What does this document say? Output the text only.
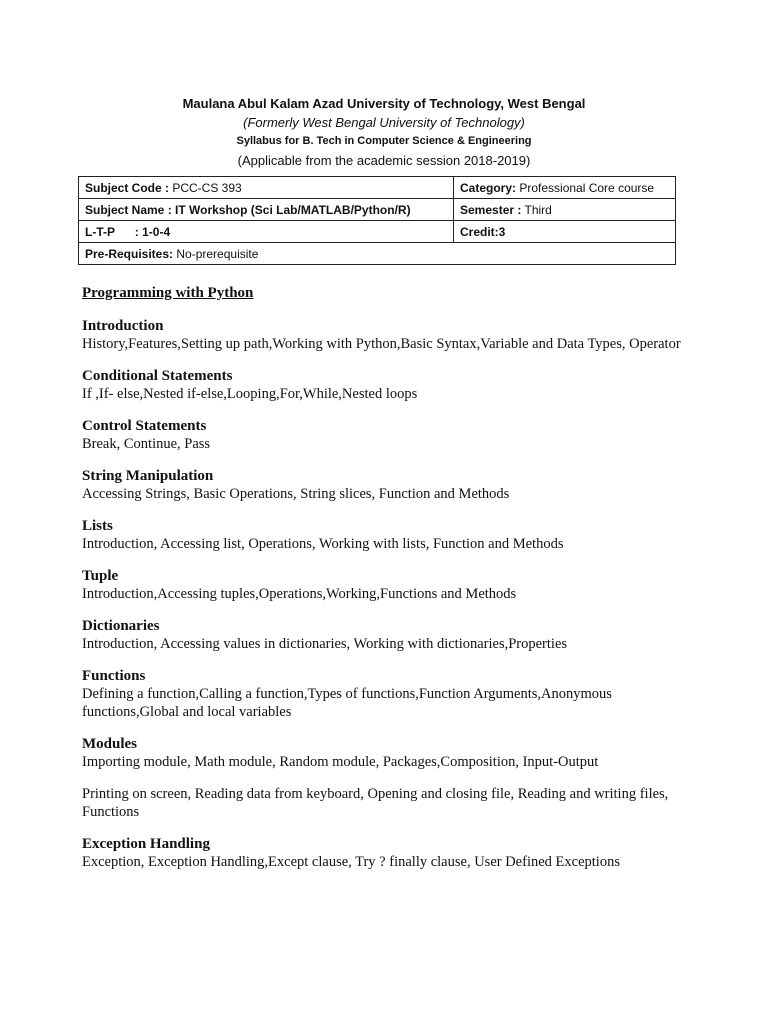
Maulana Abul Kalam Azad University of Technology, West Bengal
(Formerly West Bengal University of Technology)
Syllabus for B. Tech in Computer Science & Engineering
(Applicable from the academic session 2018-2019)
Subject Code : PCC-CS 393	Category: Professional Core course
Subject Name : IT Workshop (Sci Lab/MATLAB/Python/R)	Semester : Third
L-T-P      : 1-0-4	Credit:3
Pre-Requisites: No-prerequisite	
Programming with Python
Introduction
History,Features,Setting up path,Working with Python,Basic Syntax,Variable and Data Types, Operator
Conditional Statements
If ,If- else,Nested if-else,Looping,For,While,Nested loops
Control Statements
Break, Continue, Pass
String Manipulation
Accessing Strings, Basic Operations, String slices, Function and Methods
Lists
Introduction, Accessing list, Operations, Working with lists, Function and Methods
Tuple
Introduction,Accessing tuples,Operations,Working,Functions and Methods
Dictionaries
Introduction, Accessing values in dictionaries, Working with dictionaries,Properties
Functions
Defining a function,Calling a function,Types of functions,Function Arguments,Anonymous functions,Global and local variables
Modules
Importing module, Math module, Random module, Packages,Composition, Input-Output
Printing on screen, Reading data from keyboard, Opening and closing file, Reading and writing files, Functions
Exception Handling
Exception, Exception Handling,Except clause, Try ? finally clause, User Defined Exceptions
